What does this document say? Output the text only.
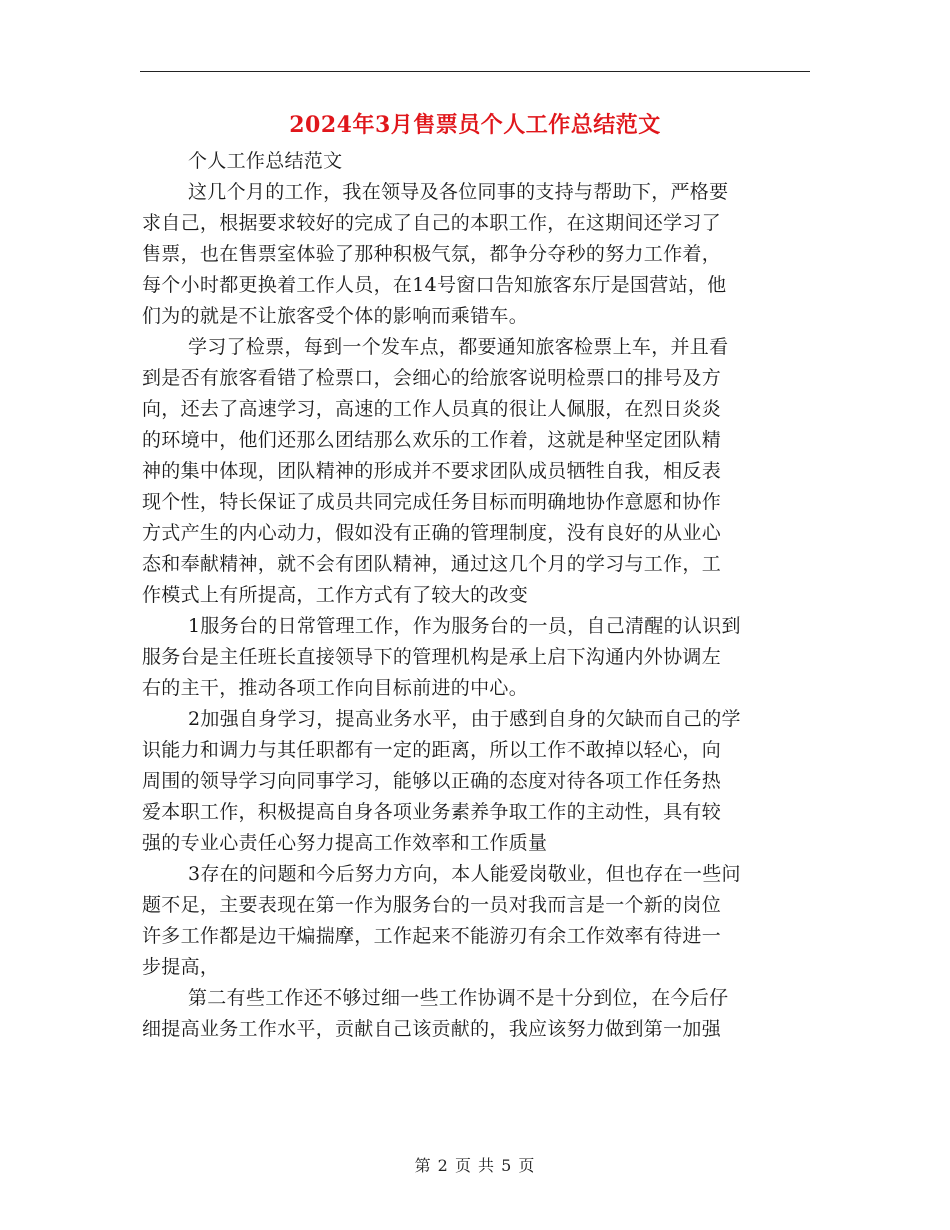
2024年3月售票员个人工作总结范文
个人工作总结范文
这几个月的工作，我在领导及各位同事的支持与帮助下，严格要
求自己，根据要求较好的完成了自己的本职工作，在这期间还学习了
售票，也在售票室体验了那种积极气氛，都争分夺秒的努力工作着，
每个小时都更换着工作人员，在14号窗口告知旅客东厅是国营站，他
们为的就是不让旅客受个体的影响而乘错车。
学习了检票，每到一个发车点，都要通知旅客检票上车，并且看
到是否有旅客看错了检票口，会细心的给旅客说明检票口的排号及方
向，还去了高速学习，高速的工作人员真的很让人佩服，在烈日炎炎
的环境中，他们还那么团结那么欢乐的工作着，这就是种坚定团队精
神的集中体现，团队精神的形成并不要求团队成员牺牲自我，相反表
现个性，特长保证了成员共同完成任务目标而明确地协作意愿和协作
方式产生的内心动力，假如没有正确的管理制度，没有良好的从业心
态和奉献精神，就不会有团队精神，通过这几个月的学习与工作，工
作模式上有所提高，工作方式有了较大的改变
1服务台的日常管理工作，作为服务台的一员，自己清醒的认识到
服务台是主任班长直接领导下的管理机构是承上启下沟通内外协调左
右的主干，推动各项工作向目标前进的中心。
2加强自身学习，提高业务水平，由于感到自身的欠缺而自己的学
识能力和调力与其任职都有一定的距离，所以工作不敢掉以轻心，向
周围的领导学习向同事学习，能够以正确的态度对待各项工作任务热
爱本职工作，积极提高自身各项业务素养争取工作的主动性，具有较
强的专业心责任心努力提高工作效率和工作质量
3存在的问题和今后努力方向，本人能爱岗敬业，但也存在一些问
题不足，主要表现在第一作为服务台的一员对我而言是一个新的岗位
许多工作都是边干煸揣摩，工作起来不能游刃有余工作效率有待进一
步提高，
第二有些工作还不够过细一些工作协调不是十分到位，在今后仔
细提高业务工作水平，贡献自己该贡献的，我应该努力做到第一加强
第 2 页 共 5 页
